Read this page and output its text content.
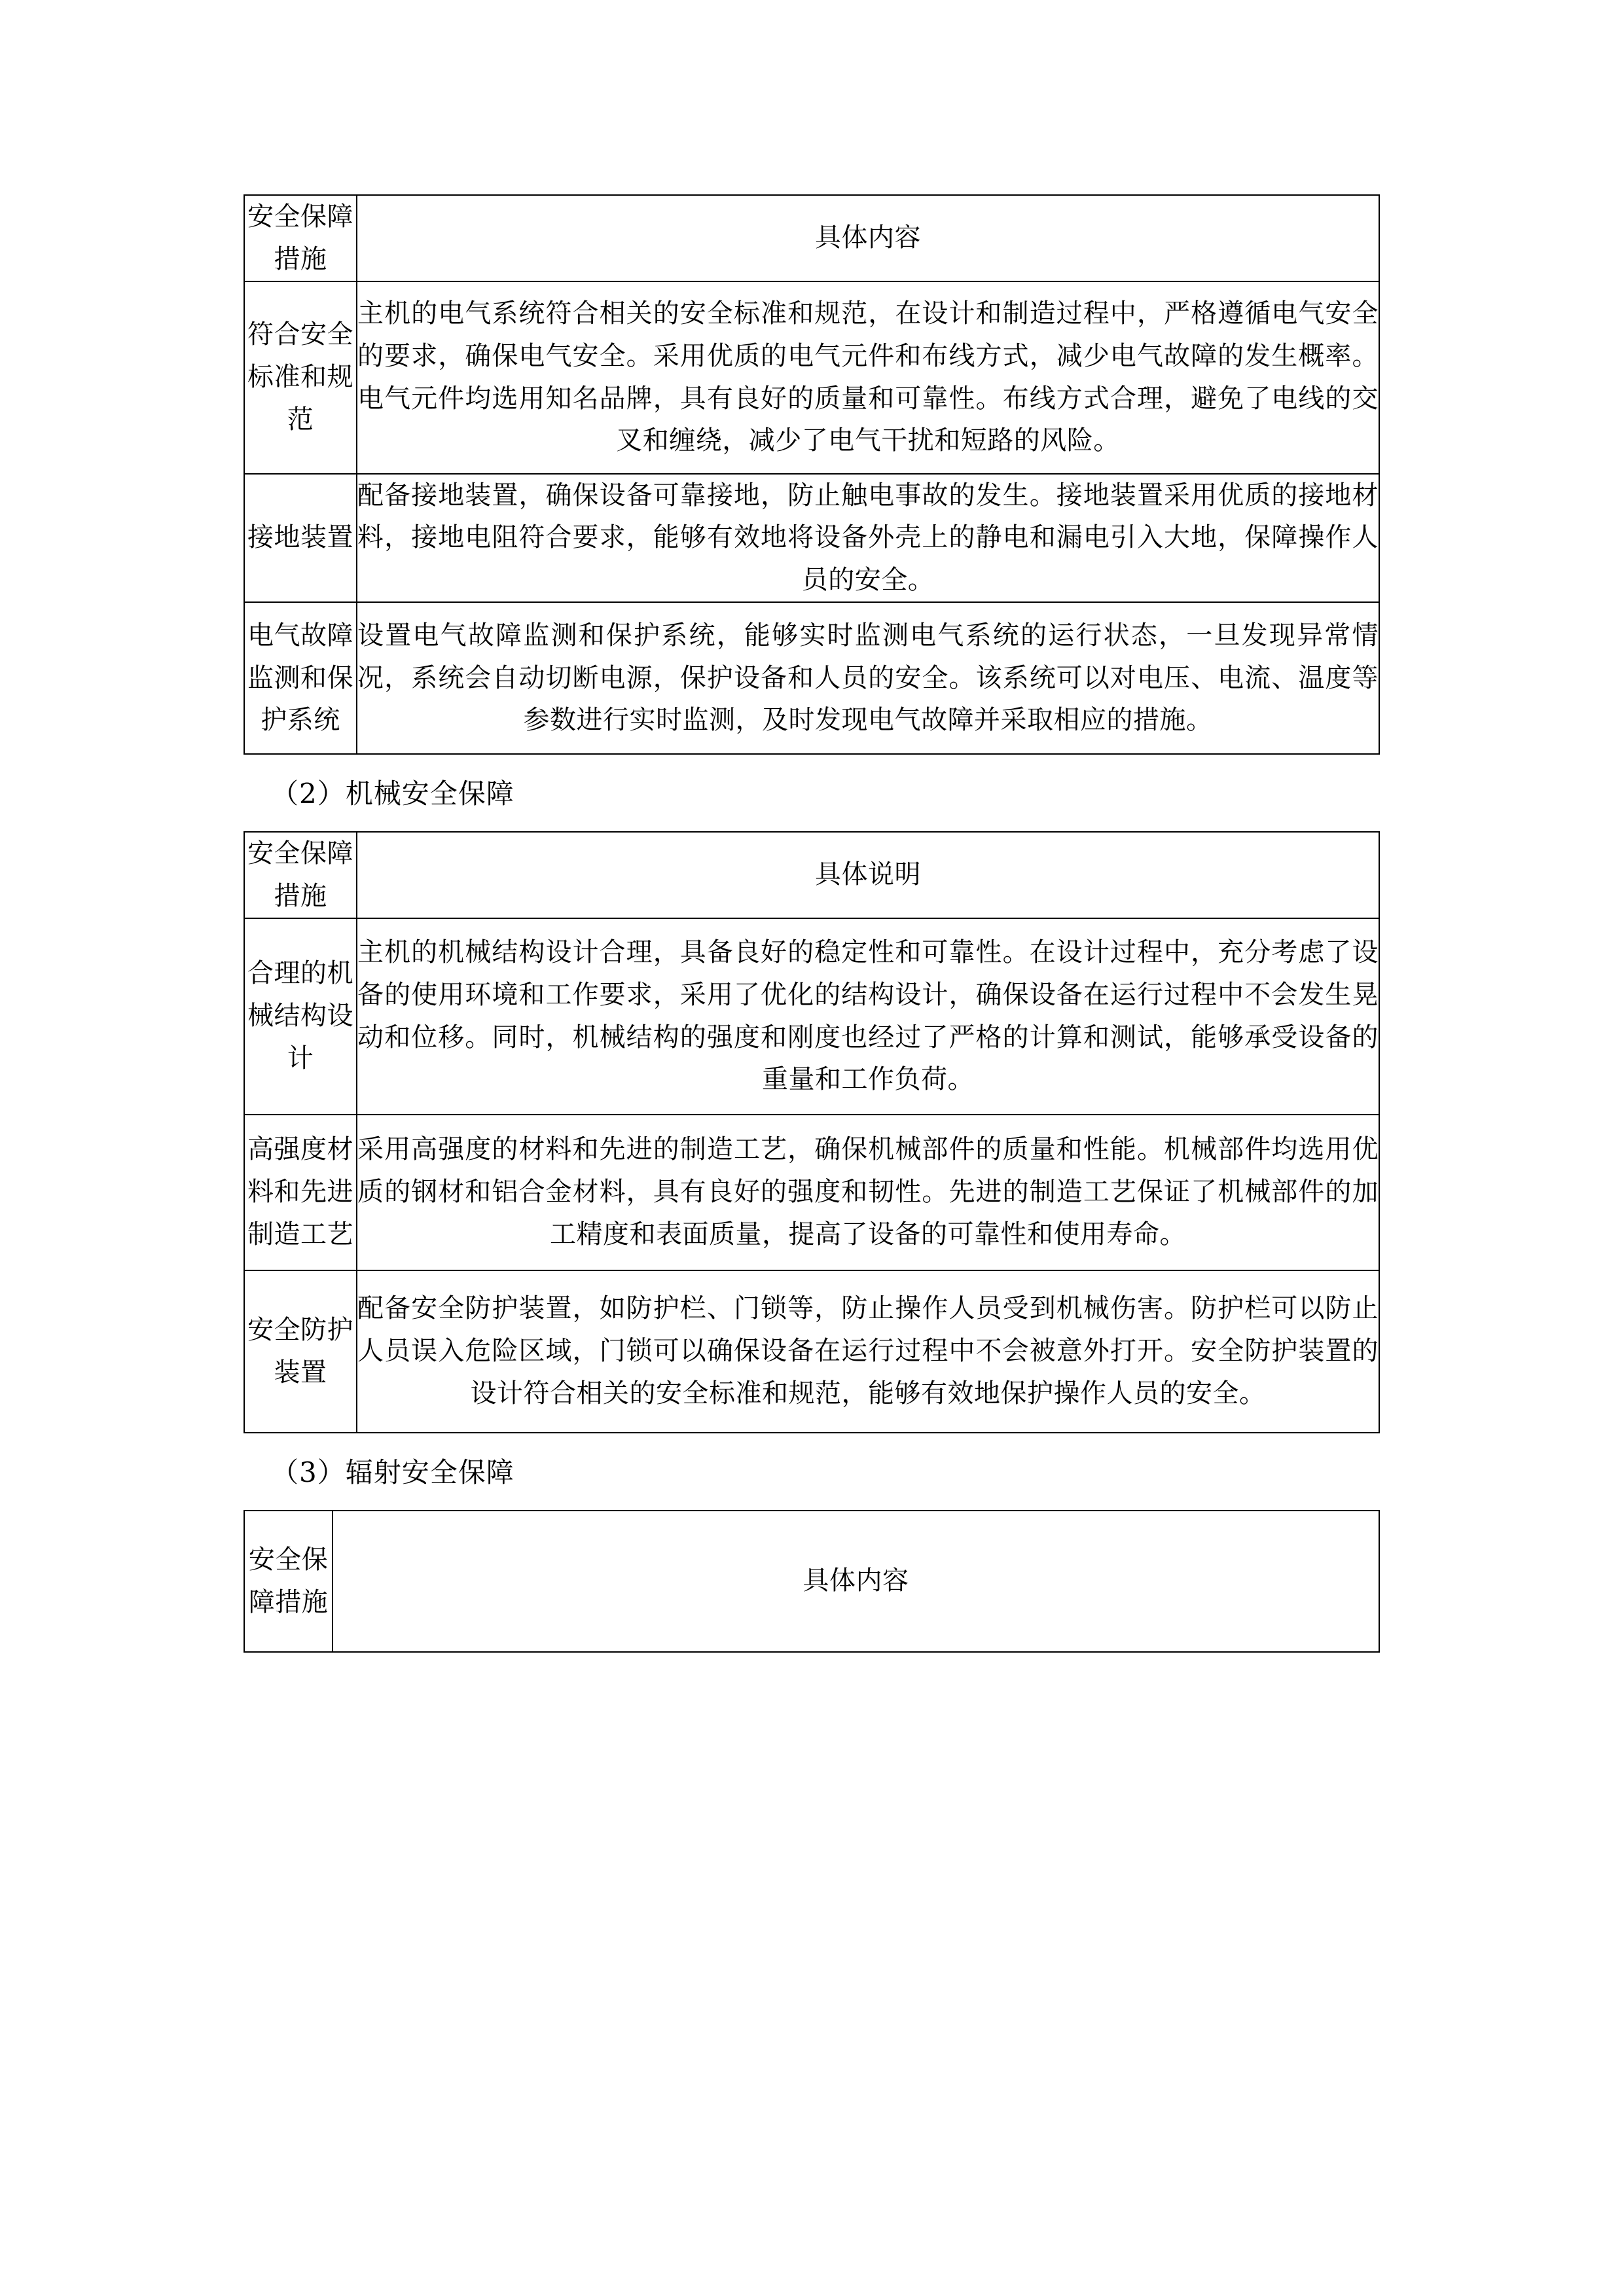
安全保障措施	具体内容
符合安全标准和规范	主机的电气系统符合相关的安全标准和规范，在设计和制造过程中，严格遵循电气安全的要求，确保电气安全。采用优质的电气元件和布线方式，减少电气故障的发生概率。电气元件均选用知名品牌，具有良好的质量和可靠性。布线方式合理，避免了电线的交叉和缠绕，减少了电气干扰和短路的风险。
接地装置	配备接地装置，确保设备可靠接地，防止触电事故的发生。接地装置采用优质的接地材料，接地电阻符合要求，能够有效地将设备外壳上的静电和漏电引入大地，保障操作人员的安全。
电气故障监测和保护系统	设置电气故障监测和保护系统，能够实时监测电气系统的运行状态，一旦发现异常情况，系统会自动切断电源，保护设备和人员的安全。该系统可以对电压、电流、温度等参数进行实时监测，及时发现电气故障并采取相应的措施。
（2）机械安全保障
安全保障措施	具体说明
合理的机械结构设计	主机的机械结构设计合理，具备良好的稳定性和可靠性。在设计过程中，充分考虑了设备的使用环境和工作要求，采用了优化的结构设计，确保设备在运行过程中不会发生晃动和位移。同时，机械结构的强度和刚度也经过了严格的计算和测试，能够承受设备的重量和工作负荷。
高强度材料和先进制造工艺	采用高强度的材料和先进的制造工艺，确保机械部件的质量和性能。机械部件均选用优质的钢材和铝合金材料，具有良好的强度和韧性。先进的制造工艺保证了机械部件的加工精度和表面质量，提高了设备的可靠性和使用寿命。
安全防护装置	配备安全防护装置，如防护栏、门锁等，防止操作人员受到机械伤害。防护栏可以防止人员误入危险区域，门锁可以确保设备在运行过程中不会被意外打开。安全防护装置的设计符合相关的安全标准和规范，能够有效地保护操作人员的安全。
（3）辐射安全保障
安全保障措施	具体内容
